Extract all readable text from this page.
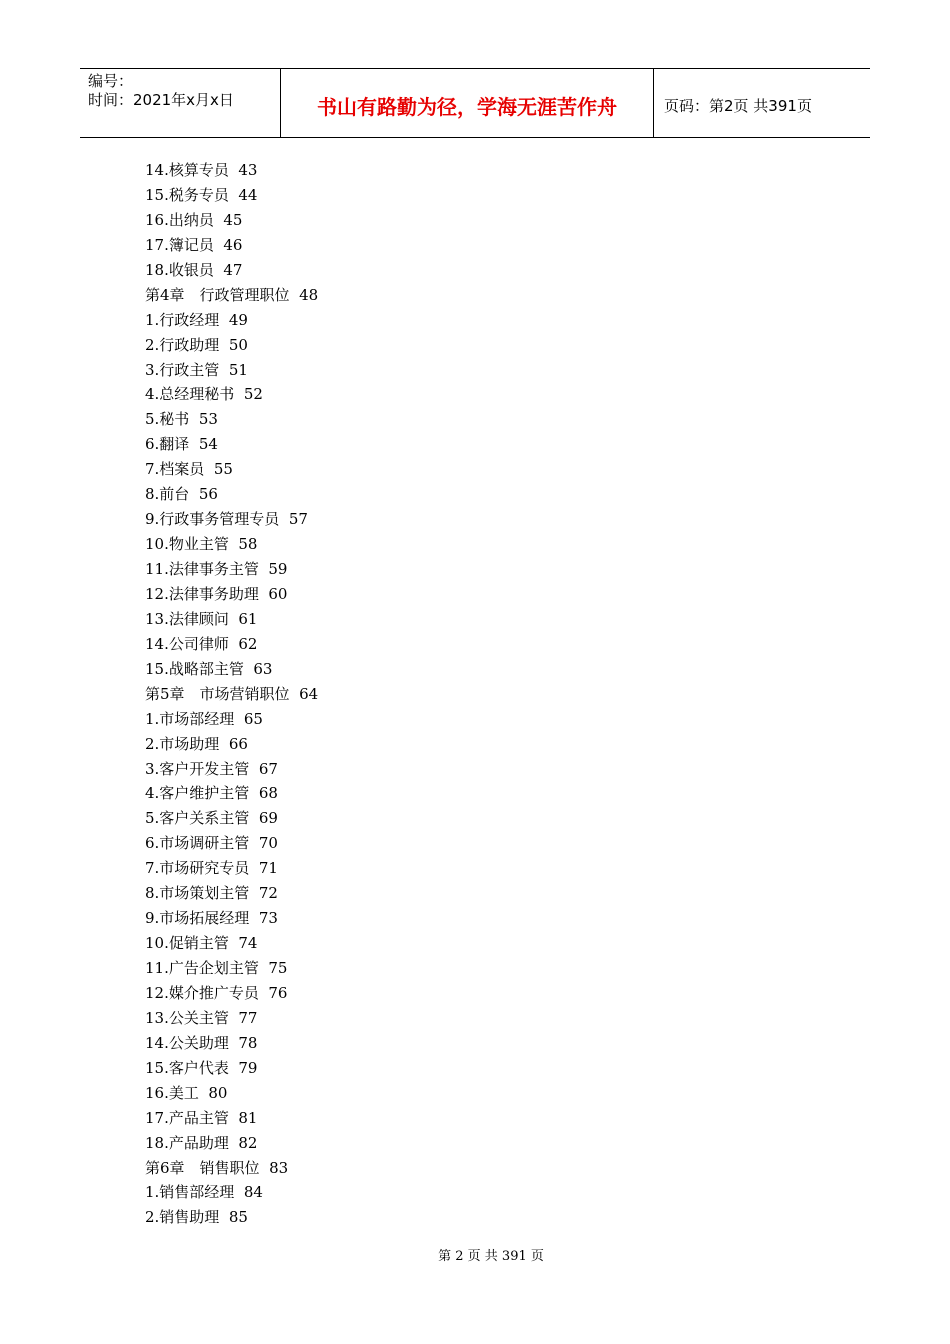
编号：
时间：2021年x月x日	书山有路勤为径，学海无涯苦作舟	页码：第2页 共391页
14.核算专员  43
15.税务专员  44
16.出纳员  45
17.簿记员  46
18.收银员  47
第4章　行政管理职位  48
1.行政经理  49
2.行政助理  50
3.行政主管  51
4.总经理秘书  52
5.秘书  53
6.翻译  54
7.档案员  55
8.前台  56
9.行政事务管理专员  57
10.物业主管  58
11.法律事务主管  59
12.法律事务助理  60
13.法律顾问  61
14.公司律师  62
15.战略部主管  63
第5章　市场营销职位  64
1.市场部经理  65
2.市场助理  66
3.客户开发主管  67
4.客户维护主管  68
5.客户关系主管  69
6.市场调研主管  70
7.市场研究专员  71
8.市场策划主管  72
9.市场拓展经理  73
10.促销主管  74
11.广告企划主管  75
12.媒介推广专员  76
13.公关主管  77
14.公关助理  78
15.客户代表  79
16.美工  80
17.产品主管  81
18.产品助理  82
第6章　销售职位  83
1.销售部经理  84
2.销售助理  85
第 2 页 共 391 页
